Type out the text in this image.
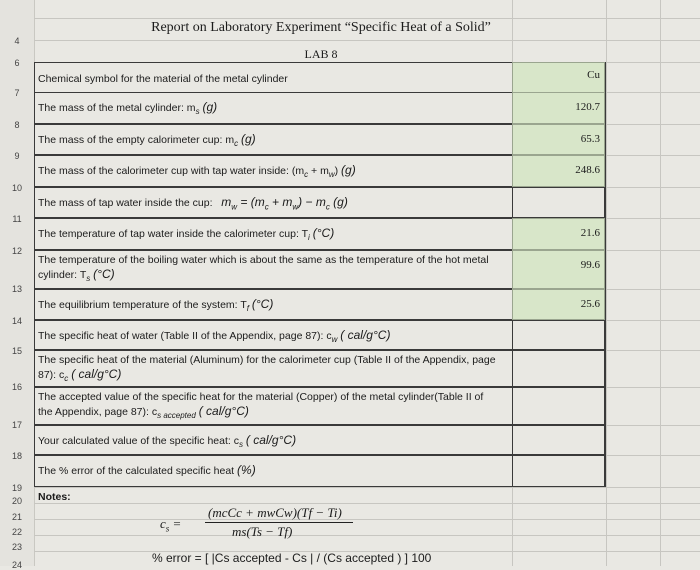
4
6
7
8
9
10
11
12
13
14
15
16
17
18
19
20
21
22
23
24
Report on Laboratory Experiment “Specific Heat of a Solid”
LAB 8
Cu
Chemical symbol for the material of the metal cylinder
120.7
The mass of the metal cylinder: $m_s$ (g)
65.3
The mass of the empty calorimeter cup: $m_c$ (g)
248.6
The mass of the calorimeter cup with tap water inside: $(m_c + m_w)$ (g)
The mass of tap water inside the cup:   $m_w = (m_c + m_w) - m_c$ (g)
21.6
The temperature of tap water inside the calorimeter cup: $T_i$ (°C)
99.6
The temperature of the boiling water which is about the same as the temperature of the hot metal
cylinder: $T_s$ (°C)
25.6
The equilibrium temperature of the system: $T_f$ (°C)
The specific heat of water (Table II of the Appendix, page 87): $c_w$ ( cal/g°C)
The specific heat of the material (Aluminum) for the calorimeter cup (Table II of the Appendix, page
87): $c_c$ ( cal/g°C)
The accepted value of the specific heat for the material (Copper) of the metal cylinder(Table II of
the Appendix, page 87): $c_{s accepted}$ ( cal/g°C)
Your calculated value of the specific heat: $c_s$ ( cal/g°C)
The % error of the calculated specific heat (%)
Notes:
$c_s$ =
(mcCc + mwCw)(Tf − Ti)
ms(Ts − Tf)
% error = [ |Cs accepted - Cs | / (Cs accepted ) ] 100
